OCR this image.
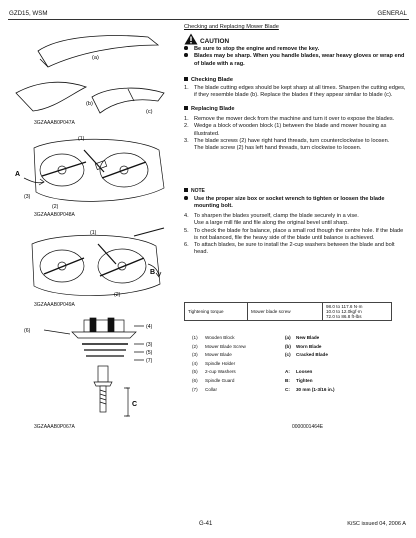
GZD15, WSM	GENERAL
(a)
(b)
(c)
3GZAAAB0P047A
(1)
A
(3)
(2)
3GZAAAB0P048A
(1)
B
(2)
3GZAAAB0P049A
(4)
(6)
(3)
(5)
(7)
C
3GZAAAB0P067A
Checking and Replacing Mower Blade
CAUTION
Be sure to stop the engine and remove the key.
Blades may be sharp. When you handle blades, wear heavy gloves or wrap end of blade with a rag.
Checking Blade
1. The blade cutting edges should be kept sharp at all times. Sharpen the cutting edges, if they resemble blade (b). Replace the blades if they appear similar to blade (c).
Replacing Blade
1. Remove the mower deck from the machine and turn it over to expose the blades.
2. Wedge a block of wooden block (1) between the blade and mower housing as illustrated.
3. The blade screws (2) have right hand threads, turn counterclockwise to loosen.
The blade screw (2) has left hand threads, turn clockwise to loosen.
NOTE
Use the proper size box or socket wrench to tighten or loosen the blade mounting bolt.
4. To sharpen the blades yourself, clamp the blade securely in a vise.
Use a large mill file and file along the original bevel until sharp.
5. To check the blade for balance, place a small rod though the centre hole. If the blade is not balanced, file the heavy side of the blade until balance is achieved.
6. To attach blades, be sure to install the 2-cup washers between the blade and bolt head.
Tightening torque	Mower blade screw	
98.0 to 117.6 N·m
10.0 to 12.0kgf·m
72.0 to 86.8 ft-lbs
(1) Wooden Block	(a) New Blade
(2) Mower Blade Screw	(b) Worn Blade
(3) Mower Blade	(c) Cracked Blade
(4) Spindle Holder
(5) 2-cup Washers	A: Loosen
(6) Spindle Guard	B: Tighten
(7) Collar	C: 30 mm (1-3/16 in.)
0000001464E
G-41	KiSC issued 04, 2006 A
